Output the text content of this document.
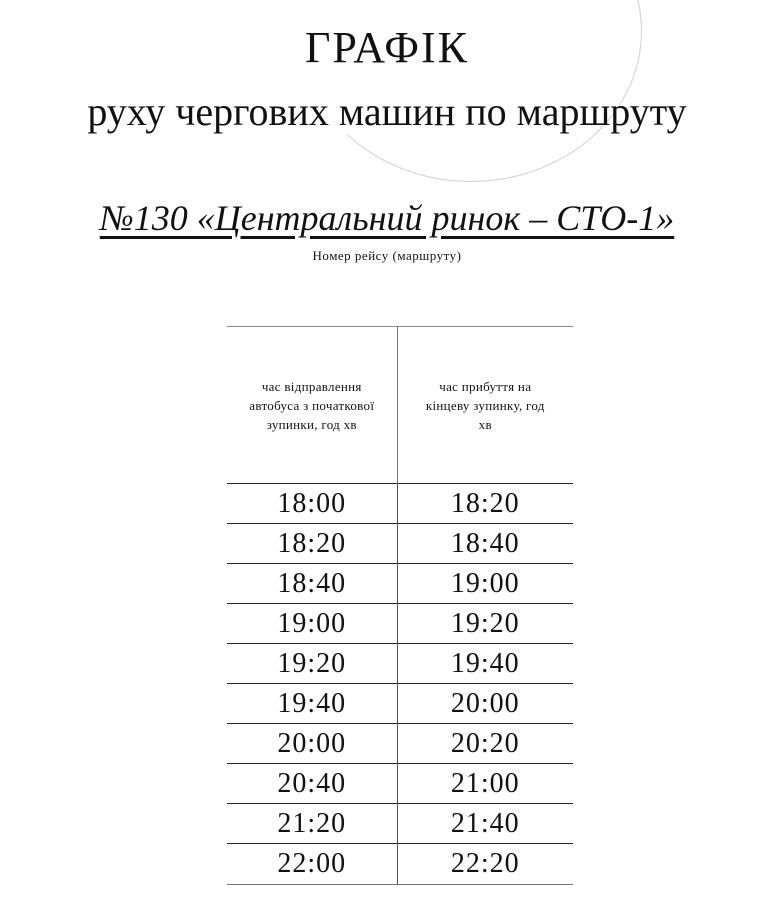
ГРАФІК
руху чергових машин по маршруту
№130 «Центральний ринок – СТО-1»
Номер рейсу (маршруту)
час відправлення автобуса з початкової зупинки, год хв	час прибуття на кінцеву зупинку, год хв
18:00	18:20
18:20	18:40
18:40	19:00
19:00	19:20
19:20	19:40
19:40	20:00
20:00	20:20
20:40	21:00
21:20	21:40
22:00	22:20
